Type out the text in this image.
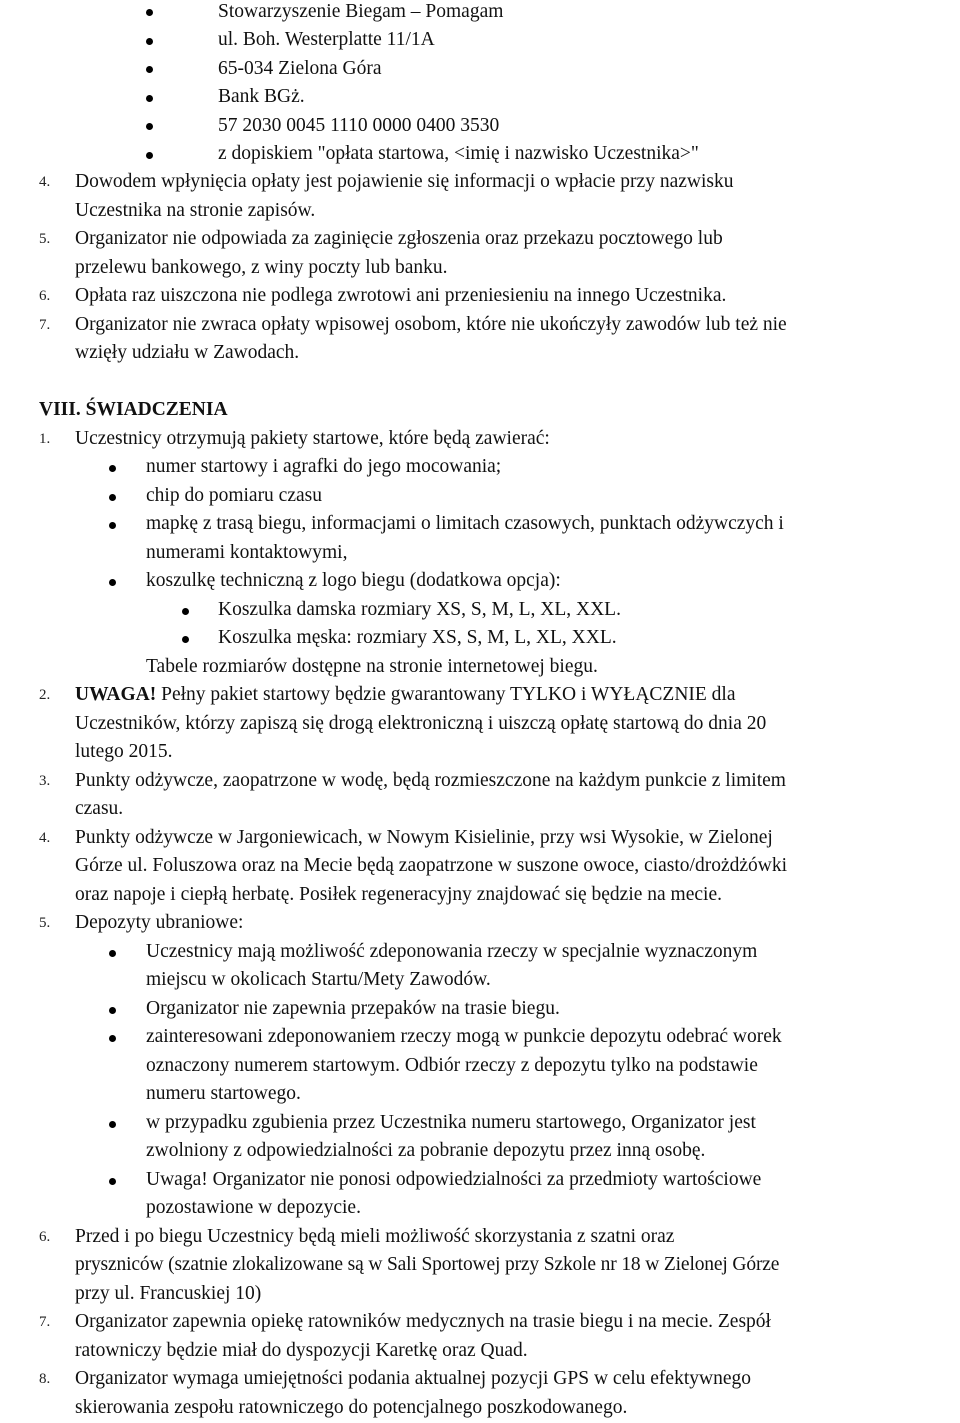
Stowarzyszenie Biegam – Pomagam

ul. Boh. Westerplatte 11/1A

65-034 Zielona Góra

Bank BGż.

57 2030 0045 1110 0000 0400 3530

z dopiskiem "opłata startowa, <imię i nazwisko Uczestnika>"

4. Dowodem wpłynięcia opłaty jest pojawienie się informacji o wpłacie przy nazwisku

Uczestnika na stronie zapisów.

5. Organizator nie odpowiada za zaginięcie zgłoszenia oraz przekazu pocztowego lub

przelewu bankowego, z winy poczty lub banku.

6. Opłata raz uiszczona nie podlega zwrotowi ani przeniesieniu na innego Uczestnika.

7. Organizator nie zwraca opłaty wpisowej osobom, które nie ukończyły zawodów lub też nie

wzięły udziału w Zawodach.

VIII. ŚWIADCZENIA

1. Uczestnicy otrzymują pakiety startowe, które będą zawierać:

numer startowy i agrafki do jego mocowania;

chip do pomiaru czasu

mapkę z trasą biegu, informacjami o limitach czasowych, punktach odżywczych i

numerami kontaktowymi,

koszulkę techniczną z logo biegu (dodatkowa opcja):

Koszulka damska rozmiary XS, S, M, L, XL, XXL.

Koszulka męska: rozmiary XS, S, M, L, XL, XXL.

Tabele rozmiarów dostępne na stronie internetowej biegu.

2. UWAGA! Pełny pakiet startowy będzie gwarantowany TYLKO i WYŁĄCZNIE dla

Uczestników, którzy zapiszą się drogą elektroniczną i uiszczą opłatę startową do dnia 20

lutego 2015.

3. Punkty odżywcze, zaopatrzone w wodę, będą rozmieszczone na każdym punkcie z limitem

czasu.

4. Punkty odżywcze w Jargoniewicach, w Nowym Kisielinie, przy wsi Wysokie, w Zielonej

Górze ul. Foluszowa oraz na Mecie będą zaopatrzone w suszone owoce, ciasto/drożdżówki

oraz napoje i ciepłą herbatę. Posiłek regeneracyjny znajdować się będzie na mecie.

5. Depozyty ubraniowe:

Uczestnicy mają możliwość zdeponowania rzeczy w specjalnie wyznaczonym

miejscu w okolicach Startu/Mety Zawodów.

Organizator nie zapewnia przepaków na trasie biegu.

zainteresowani zdeponowaniem rzeczy mogą w punkcie depozytu odebrać worek

oznaczony numerem startowym. Odbiór rzeczy z depozytu tylko na podstawie

numeru startowego.

w przypadku zgubienia przez Uczestnika numeru startowego, Organizator jest

zwolniony z odpowiedzialności za pobranie depozytu przez inną osobę.

Uwaga! Organizator nie ponosi odpowiedzialności za przedmioty wartościowe

pozostawione w depozycie.

6. Przed i po biegu Uczestnicy będą mieli możliwość skorzystania z szatni oraz

pryszniców (szatnie zlokalizowane są w Sali Sportowej przy Szkole nr 18 w Zielonej Górze

przy ul. Francuskiej 10)

7. Organizator zapewnia opiekę ratowników medycznych na trasie biegu i na mecie. Zespół

ratowniczy będzie miał do dyspozycji Karetkę oraz Quad.

8. Organizator wymaga umiejętności podania aktualnej pozycji GPS w celu efektywnego

skierowania zespołu ratowniczego do potencjalnego poszkodowanego.
